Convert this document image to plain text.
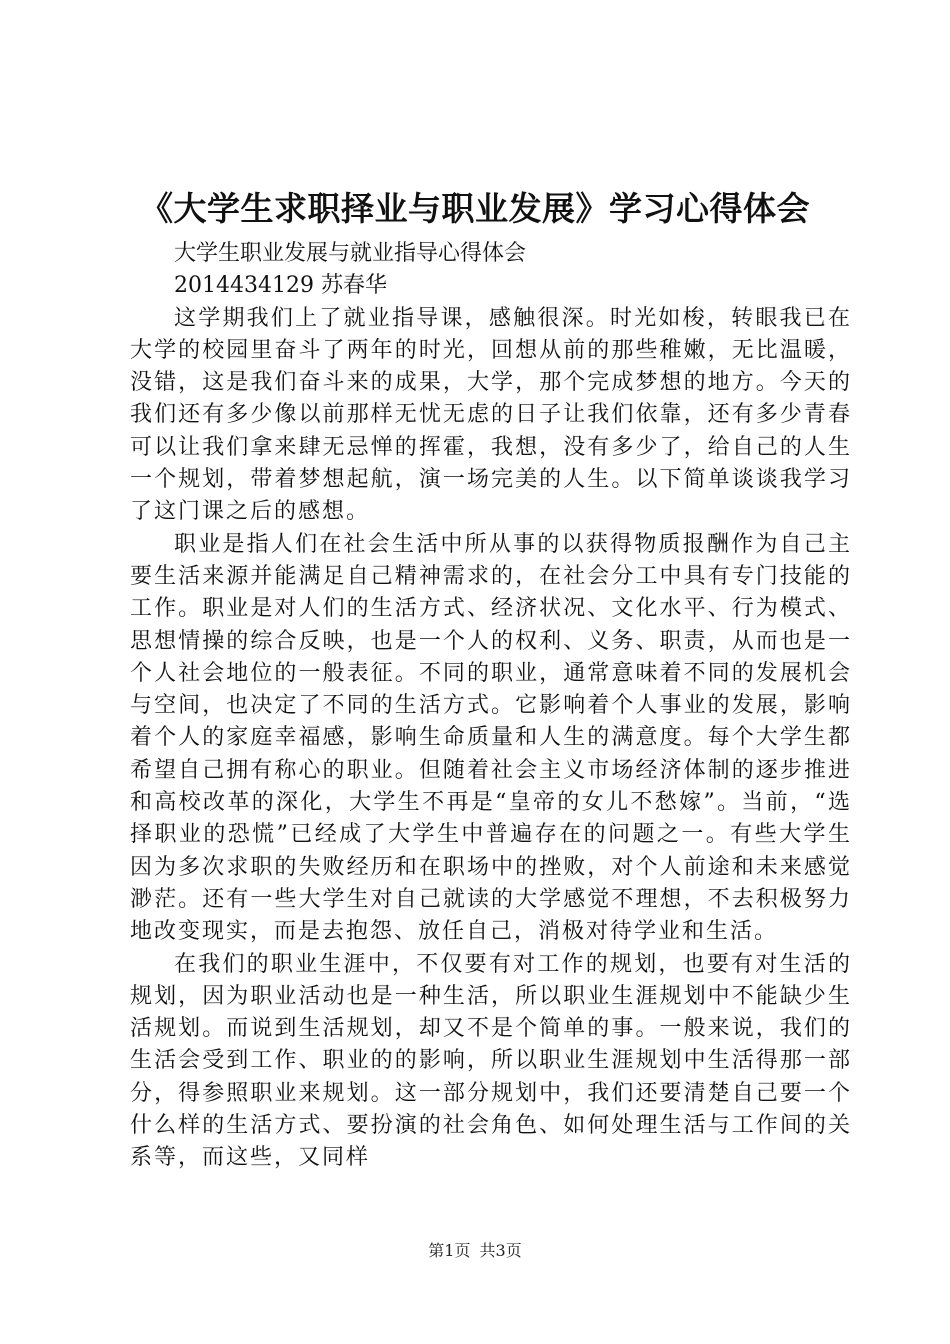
《大学生求职择业与职业发展》学习心得体会

大学生职业发展与就业指导心得体会

2014434129 苏春华

这学期我们上了就业指导课，感触很深。时光如梭，转眼我已在大学的校园里奋斗了两年的时光，回想从前的那些稚嫩，无比温暖，没错，这是我们奋斗来的成果，大学，那个完成梦想的地方。今天的我们还有多少像以前那样无忧无虑的日子让我们依靠，还有多少青春可以让我们拿来肆无忌惮的挥霍，我想，没有多少了，给自己的人生一个规划，带着梦想起航，演一场完美的人生。以下简单谈谈我学习了这门课之后的感想。

职业是指人们在社会生活中所从事的以获得物质报酬作为自己主要生活来源并能满足自己精神需求的，在社会分工中具有专门技能的工作。职业是对人们的生活方式、经济状况、文化水平、行为模式、思想情操的综合反映，也是一个人的权利、义务、职责，从而也是一个人社会地位的一般表征。不同的职业，通常意味着不同的发展机会与空间，也决定了不同的生活方式。它影响着个人事业的发展，影响着个人的家庭幸福感，影响生命质量和人生的满意度。每个大学生都希望自己拥有称心的职业。但随着社会主义市场经济体制的逐步推进和高校改革的深化，大学生不再是“皇帝的女儿不愁嫁”。当前，“选择职业的恐慌”已经成了大学生中普遍存在的问题之一。有些大学生因为多次求职的失败经历和在职场中的挫败，对个人前途和未来感觉渺茫。还有一些大学生对自己就读的大学感觉不理想，不去积极努力地改变现实，而是去抱怨、放任自己，消极对待学业和生活。

在我们的职业生涯中，不仅要有对工作的规划，也要有对生活的规划，因为职业活动也是一种生活，所以职业生涯规划中不能缺少生活规划。而说到生活规划，却又不是个简单的事。一般来说，我们的生活会受到工作、职业的的影响，所以职业生涯规划中生活得那一部分，得参照职业来规划。这一部分规划中，我们还要清楚自己要一个什么样的生活方式、要扮演的社会角色、如何处理生活与工作间的关系等，而这些，又同样

第1页 共3页
